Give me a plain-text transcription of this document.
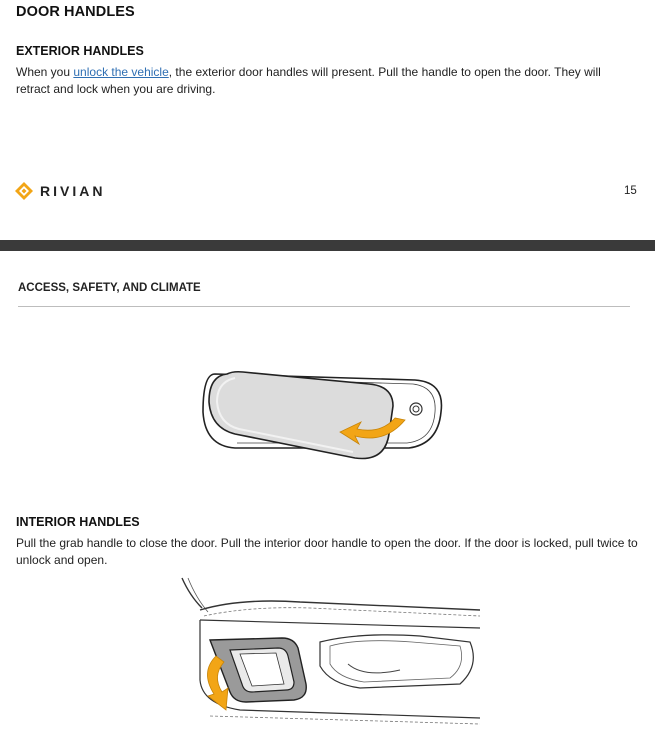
DOOR HANDLES
EXTERIOR HANDLES
When you unlock the vehicle, the exterior door handles will present. Pull the handle to open the door. They will retract and lock when you are driving.
RIVIAN	15
ACCESS, SAFETY, AND CLIMATE
INTERIOR HANDLES
Pull the grab handle to close the door. Pull the interior door handle to open the door. If the door is locked, pull twice to unlock and open.
